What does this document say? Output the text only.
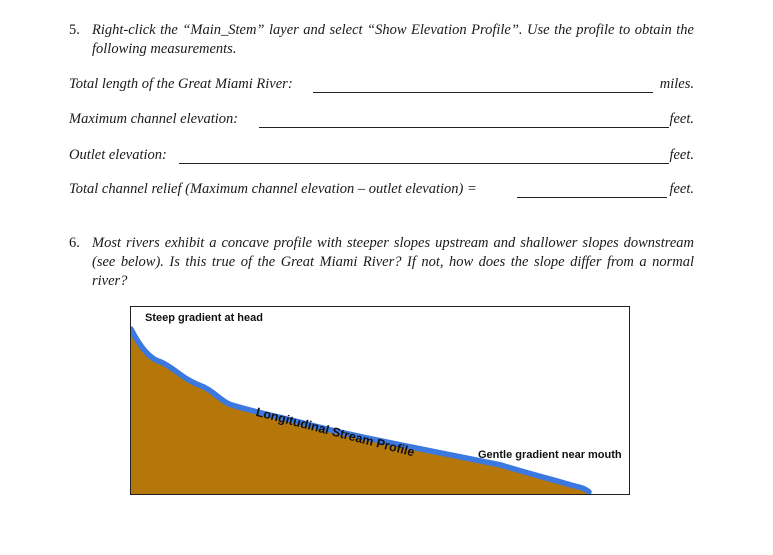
5. Right-click the “Main_Stem” layer and select “Show Elevation Profile”. Use the profile to obtain the following measurements.
Total length of the Great Miami River:	miles.
Maximum channel elevation:	feet.
Outlet elevation:	feet.
Total channel relief (Maximum channel elevation – outlet elevation) =	feet.
6. Most rivers exhibit a concave profile with steeper slopes upstream and shallower slopes downstream (see below). Is this true of the Great Miami River? If not, how does the slope differ from a normal river?
Steep gradient at head
Longitudinal Stream Profile	Gentle gradient near mouth
